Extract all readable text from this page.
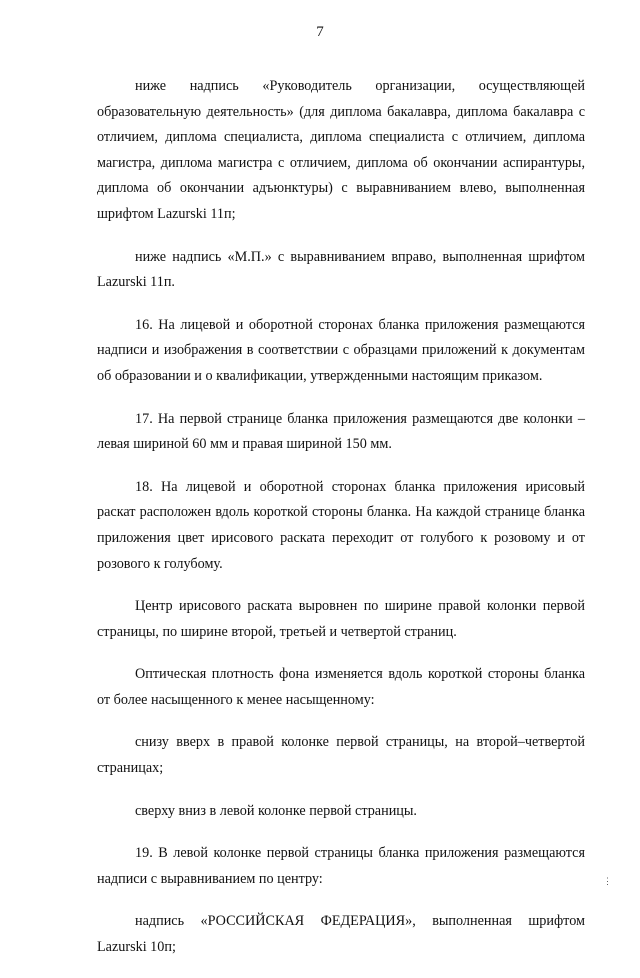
7

ниже надпись «Руководитель организации, осуществляющей образовательную деятельность» (для диплома бакалавра, диплома бакалавра с отличием, диплома специалиста, диплома специалиста с отличием, диплома магистра, диплома магистра с отличием, диплома об окончании аспирантуры, диплома об окончании адъюнктуры) с выравниванием влево, выполненная шрифтом Lazurski 11п;

ниже надпись «М.П.» с выравниванием вправо, выполненная шрифтом Lazurski 11п.

16. На лицевой и оборотной сторонах бланка приложения размещаются надписи и изображения в соответствии с образцами приложений к документам об образовании и о квалификации, утвержденными настоящим приказом.

17. На первой странице бланка приложения размещаются две колонки – левая шириной 60 мм и правая шириной 150 мм.

18. На лицевой и оборотной сторонах бланка приложения ирисовый раскат расположен вдоль короткой стороны бланка. На каждой странице бланка приложения цвет ирисового раската переходит от голубого к розовому и от розового к голубому.

Центр ирисового раската выровнен по ширине правой колонки первой страницы, по ширине второй, третьей и четвертой страниц.

Оптическая плотность фона изменяется вдоль короткой стороны бланка от более насыщенного к менее насыщенному:

снизу вверх в правой колонке первой страницы, на второй–четвертой страницах;

сверху вниз в левой колонке первой страницы.

19. В левой колонке первой страницы бланка приложения размещаются надписи с выравниванием по центру:

надпись «РОССИЙСКАЯ ФЕДЕРАЦИЯ», выполненная шрифтом Lazurski 10п;

⋮
